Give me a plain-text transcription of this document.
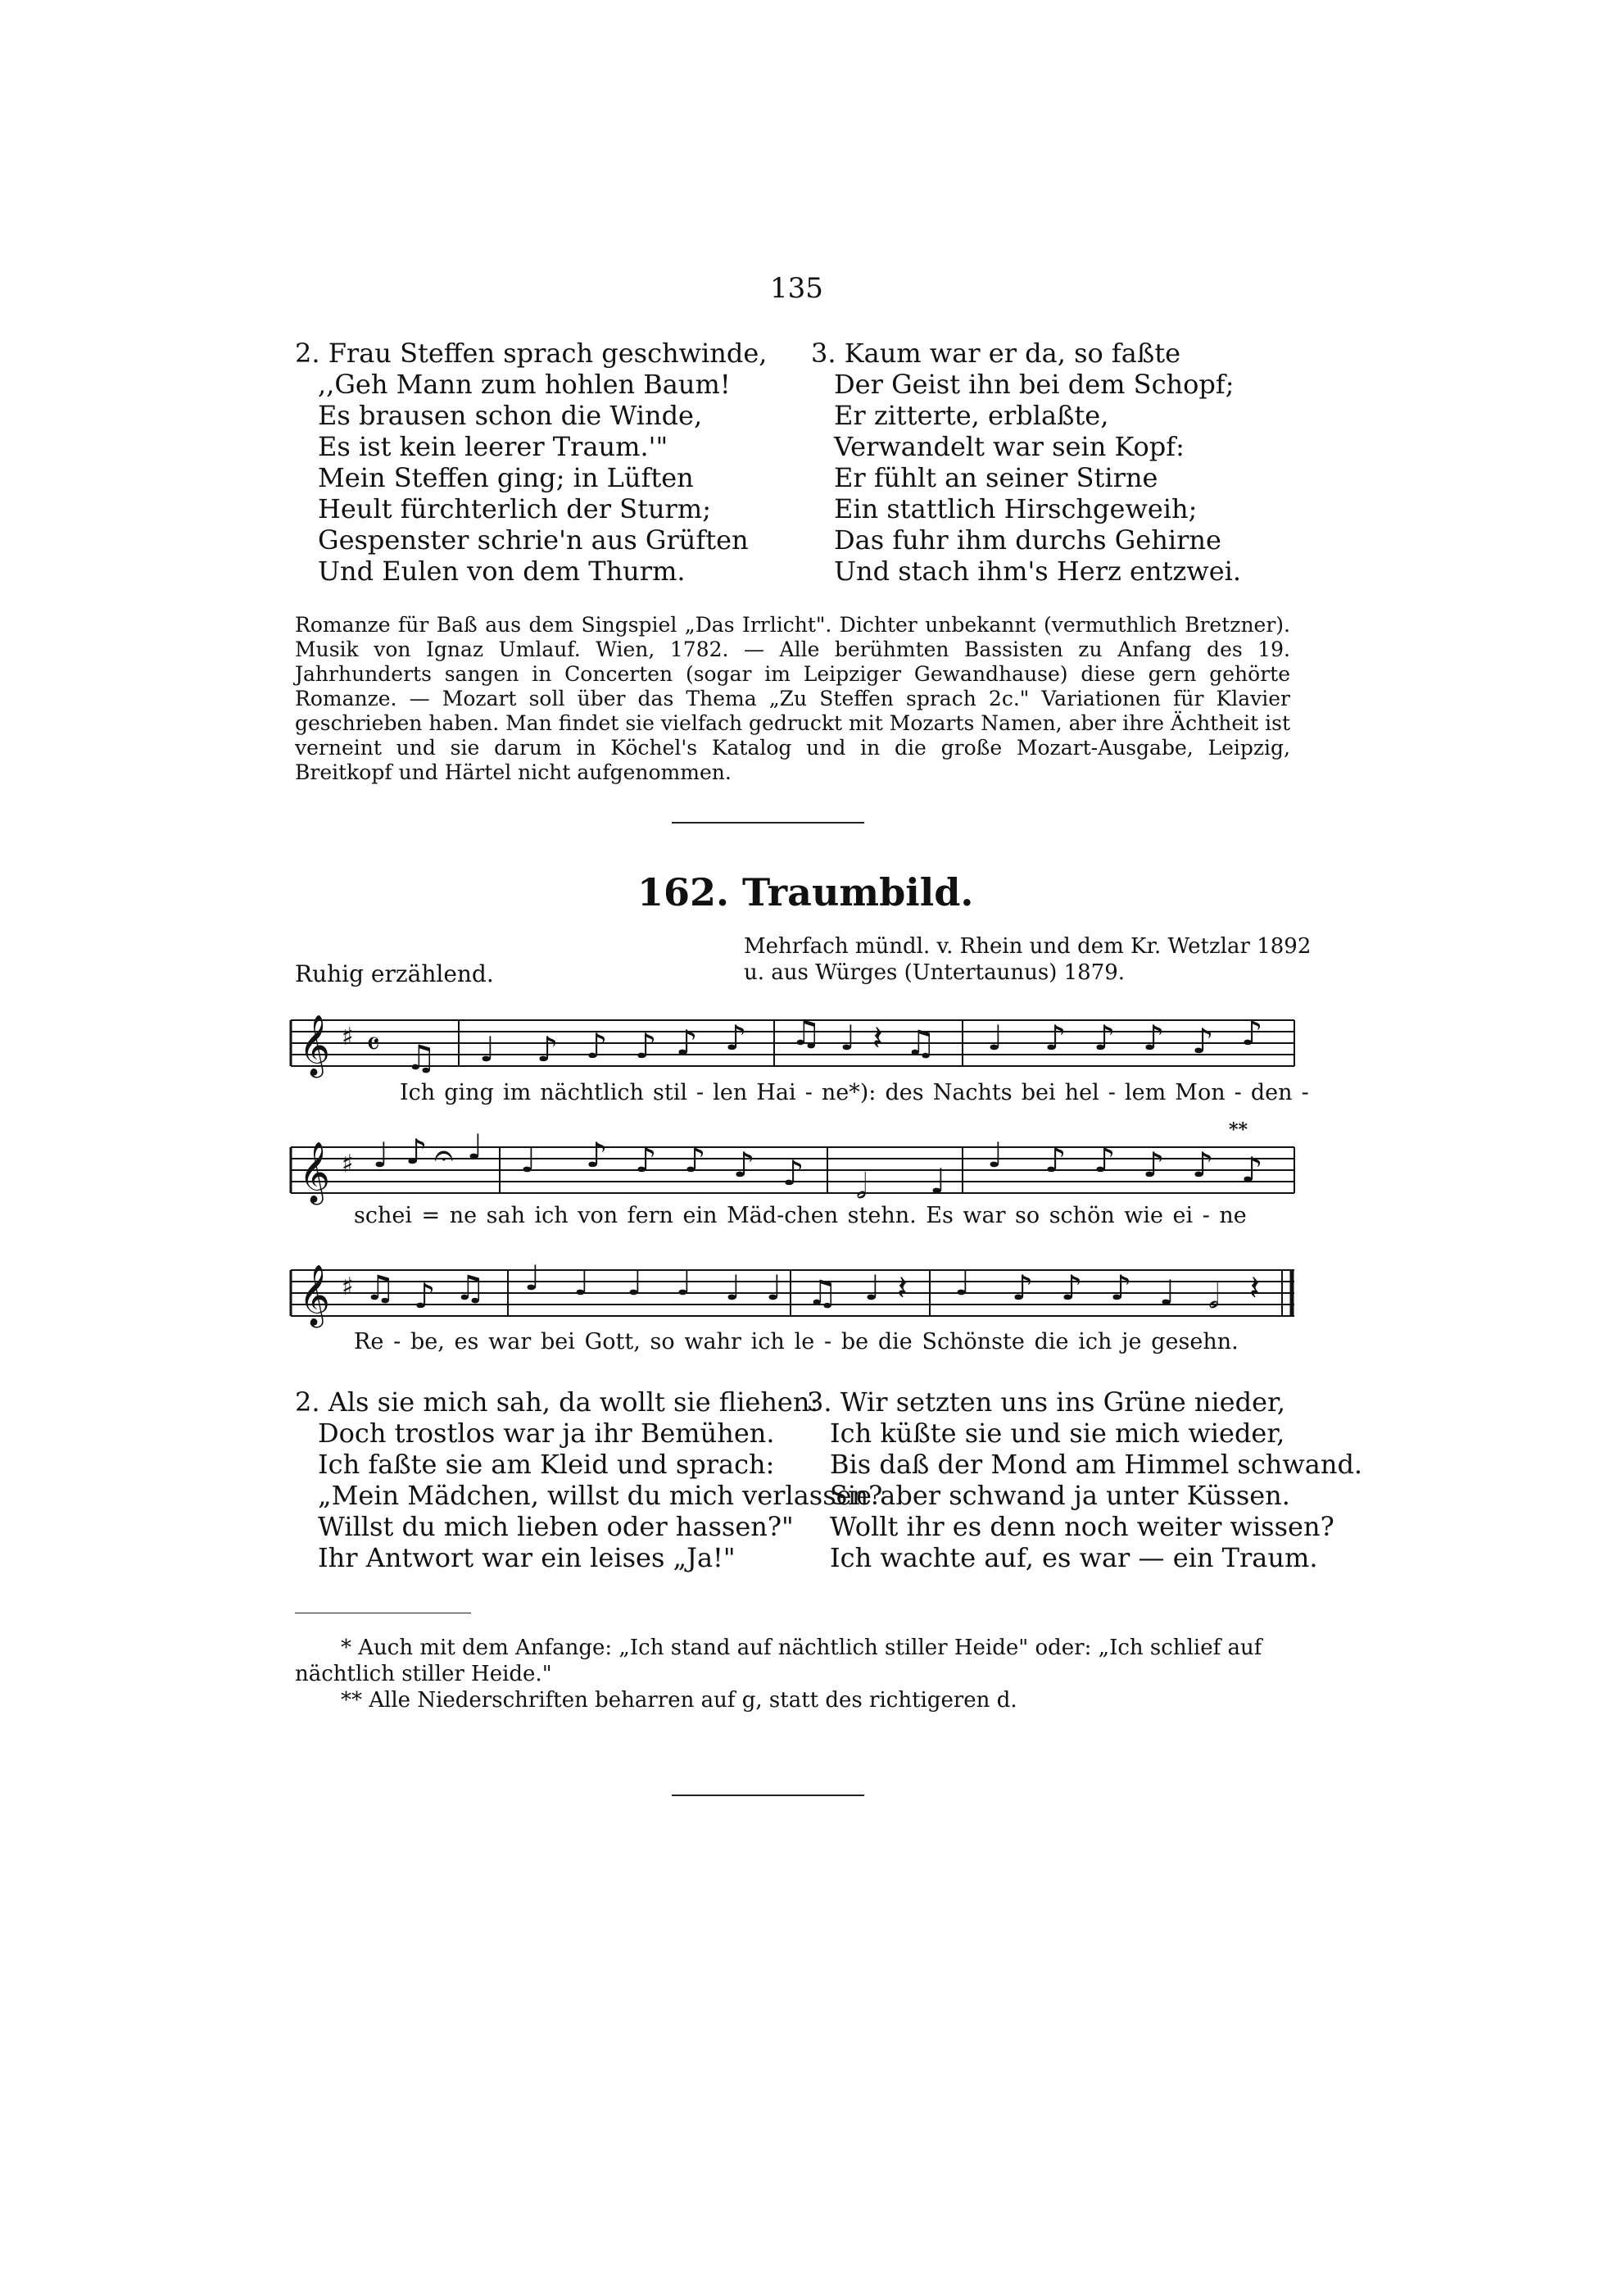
135
2. Frau Steffen sprach geschwinde,
,,Geh Mann zum hohlen Baum!
Es brausen schon die Winde,
Es ist kein leerer Traum.'"
Mein Steffen ging; in Lüften
Heult fürchterlich der Sturm;
Gespenster schrie'n aus Grüften
Und Eulen von dem Thurm.
3. Kaum war er da, so faßte
Der Geist ihn bei dem Schopf;
Er zitterte, erblaßte,
Verwandelt war sein Kopf:
Er fühlt an seiner Stirne
Ein stattlich Hirschgeweih;
Das fuhr ihm durchs Gehirne
Und stach ihm's Herz entzwei.
Romanze für Baß aus dem Singspiel „Das Irrlicht". Dichter unbekannt (vermuthlich Bretzner). Musik von Ignaz Umlauf. Wien, 1782. — Alle berühmten Bassisten zu Anfang des 19. Jahrhunderts sangen in Concerten (sogar im Leipziger Gewandhause) diese gern gehörte Romanze. — Mozart soll über das Thema „Zu Steffen sprach 2c." Variationen für Klavier geschrieben haben. Man findet sie vielfach gedruckt mit Mozarts Namen, aber ihre Ächtheit ist verneint und sie darum in Köchel's Katalog und in die große Mozart-Ausgabe, Leipzig, Breitkopf und Härtel nicht aufgenommen.
162. Traumbild.
Mehrfach mündl. v. Rhein und dem Kr. Wetzlar 1892
u. aus Würges (Untertaunus) 1879.
Ruhig erzählend.
𝄞 ♯ 𝄴 ♫ ♩ ♪ ♪ ♪ ♪ ♪ ♫ ♩ 𝄽 ♫ ♩ ♪ ♪ ♪ ♪ ♪
Ich ging im nächtlich stil - len Hai - ne*): des Nachts bei hel - lem Mon - den -
**
𝄞 ♯ ♩ ♪ 𝄐 ♩ ♩ ♪ ♪ ♪ ♪ ♪ 𝅗𝅥 ♩
♩ ♪ ♪ ♪ ♪ ♪
schei = ne sah ich von fern ein Mäd-chen stehn. Es war so schön wie ei - ne
𝄞 ♯ ♫ ♪ ♫ ♩ ♩ ♩ ♩ ♩ ♩ ♫ ♩ 𝄽 ♩ ♪ ♪ ♪ ♩ 𝅗𝅥 𝄽
Re - be, es war bei Gott, so wahr ich le - be die Schönste die ich je gesehn.
2. Als sie mich sah, da wollt sie fliehen:
Doch trostlos war ja ihr Bemühen.
Ich faßte sie am Kleid und sprach:
„Mein Mädchen, willst du mich verlassen?
Willst du mich lieben oder hassen?"
Ihr Antwort war ein leises „Ja!"
3. Wir setzten uns ins Grüne nieder,
Ich küßte sie und sie mich wieder,
Bis daß der Mond am Himmel schwand.
Sie aber schwand ja unter Küssen.
Wollt ihr es denn noch weiter wissen?
Ich wachte auf, es war — ein Traum.
* Auch mit dem Anfange: „Ich stand auf nächtlich stiller Heide" oder: „Ich schlief auf nächtlich stiller Heide."
** Alle Niederschriften beharren auf g, statt des richtigeren d.
